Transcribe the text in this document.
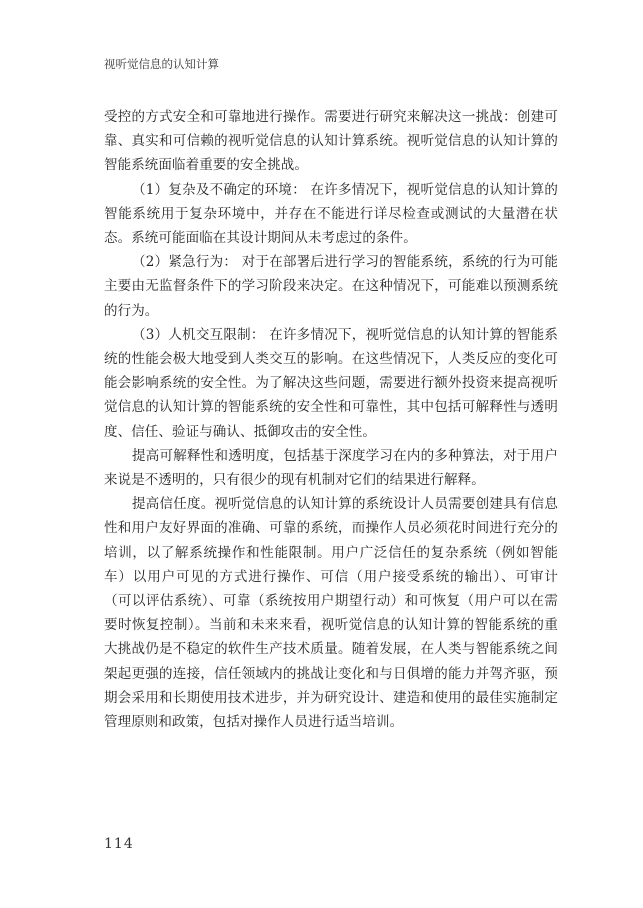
视听觉信息的认知计算

受控的方式安全和可靠地进行操作。需要进行研究来解决这一挑战：创建可靠、真实和可信赖的视听觉信息的认知计算系统。视听觉信息的认知计算的智能系统面临着重要的安全挑战。

（1）复杂及不确定的环境： 在许多情况下，视听觉信息的认知计算的智能系统用于复杂环境中，并存在不能进行详尽检查或测试的大量潜在状态。系统可能面临在其设计期间从未考虑过的条件。

（2）紧急行为： 对于在部署后进行学习的智能系统，系统的行为可能主要由无监督条件下的学习阶段来决定。在这种情况下，可能难以预测系统的行为。

（3）人机交互限制： 在许多情况下，视听觉信息的认知计算的智能系统的性能会极大地受到人类交互的影响。在这些情况下，人类反应的变化可能会影响系统的安全性。为了解决这些问题，需要进行额外投资来提高视听觉信息的认知计算的智能系统的安全性和可靠性，其中包括可解释性与透明度、信任、验证与确认、抵御攻击的安全性。

提高可解释性和透明度，包括基于深度学习在内的多种算法，对于用户来说是不透明的，只有很少的现有机制对它们的结果进行解释。

提高信任度。视听觉信息的认知计算的系统设计人员需要创建具有信息性和用户友好界面的准确、可靠的系统，而操作人员必须花时间进行充分的培训，以了解系统操作和性能限制。用户广泛信任的复杂系统（例如智能车）以用户可见的方式进行操作、可信（用户接受系统的输出）、可审计（可以评估系统）、可靠（系统按用户期望行动）和可恢复（用户可以在需要时恢复控制）。当前和未来来看，视听觉信息的认知计算的智能系统的重大挑战仍是不稳定的软件生产技术质量。随着发展，在人类与智能系统之间架起更强的连接，信任领域内的挑战让变化和与日俱增的能力并驾齐驱，预期会采用和长期使用技术进步，并为研究设计、建造和使用的最佳实施制定管理原则和政策，包括对操作人员进行适当培训。

114
